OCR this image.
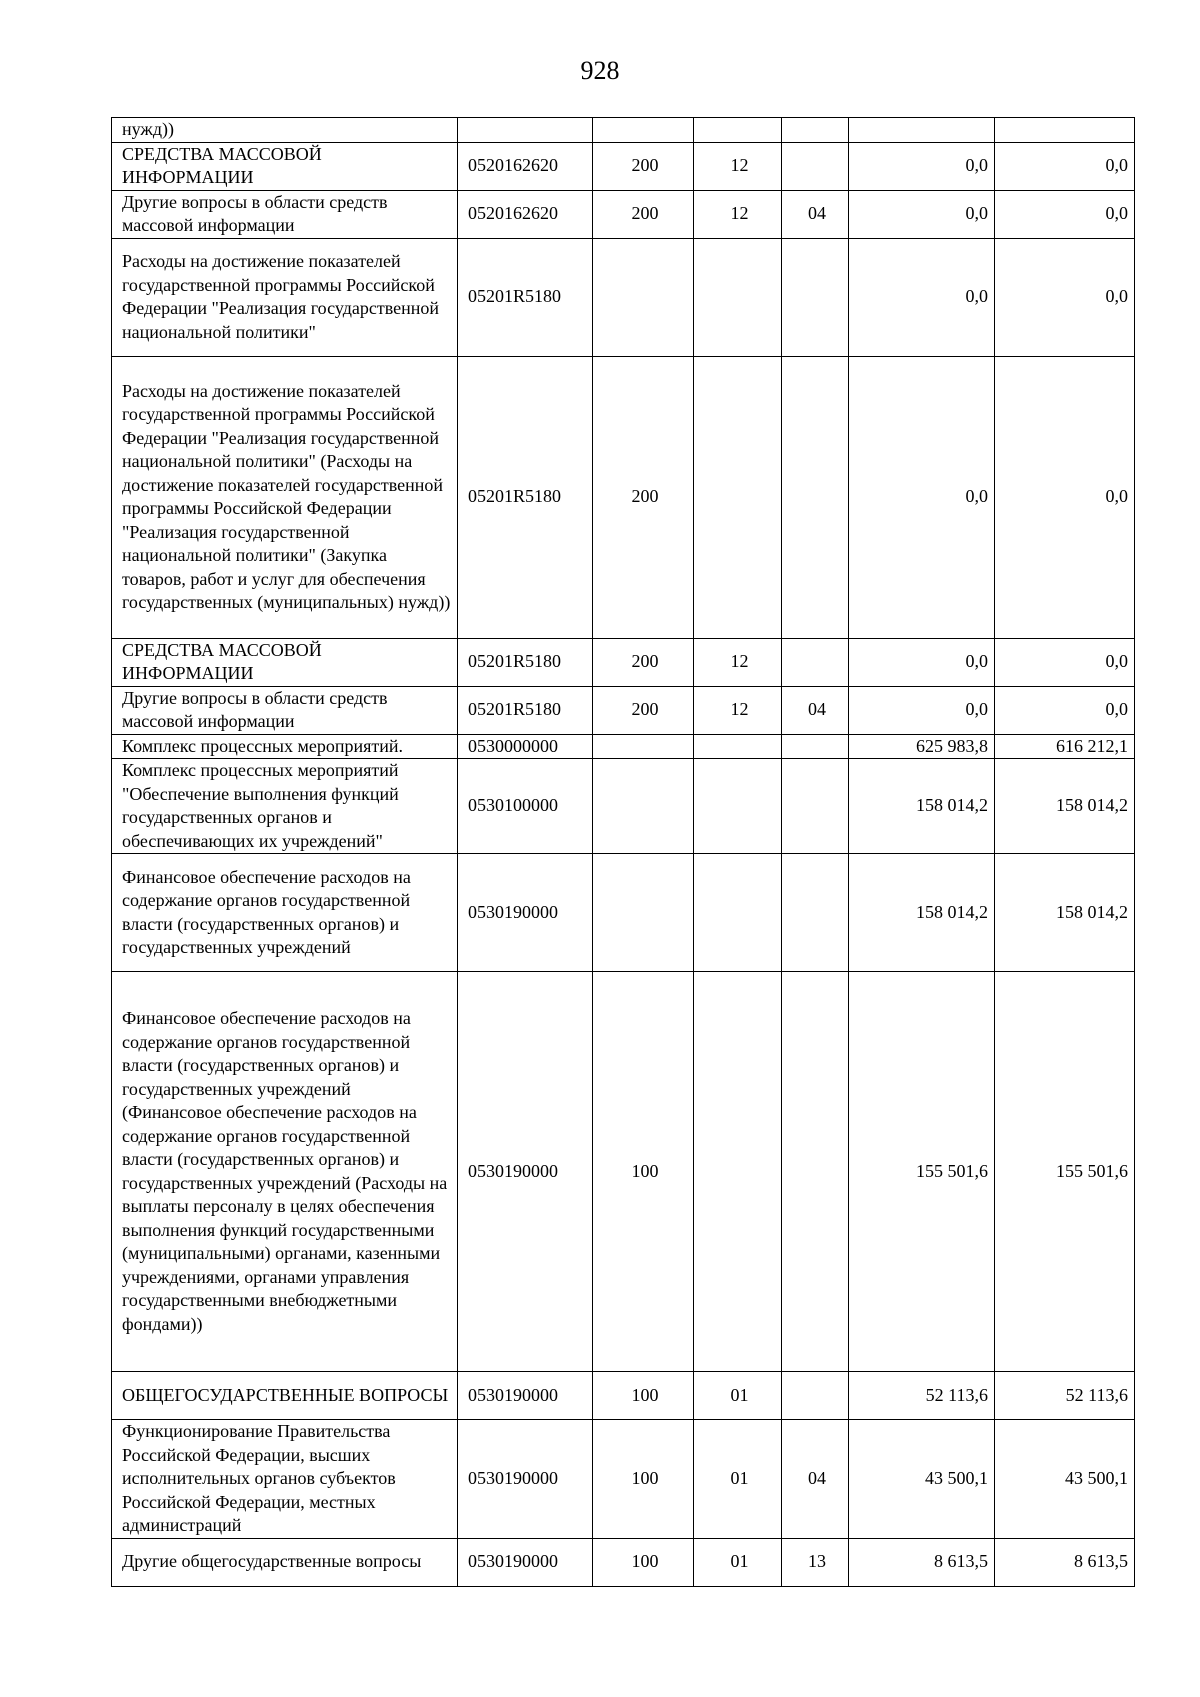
928
нужд))						
СРЕДСТВА МАССОВОЙ ИНФОРМАЦИИ	0520162620	200	12		0,0	0,0
Другие вопросы в области средств массовой информации	0520162620	200	12	04	0,0	0,0
Расходы на достижение показателей государственной программы Российской Федерации "Реализация государственной национальной политики"	05201R5180				0,0	0,0
Расходы на достижение показателей государственной программы Российской Федерации "Реализация государственной национальной политики" (Расходы на достижение показателей государственной программы Российской Федерации "Реализация государственной национальной политики" (Закупка товаров, работ и услуг для обеспечения государственных (муниципальных) нужд))	05201R5180	200			0,0	0,0
СРЕДСТВА МАССОВОЙ ИНФОРМАЦИИ	05201R5180	200	12		0,0	0,0
Другие вопросы в области средств массовой информации	05201R5180	200	12	04	0,0	0,0
Комплекс процессных мероприятий.	0530000000				625 983,8	616 212,1
Комплекс процессных мероприятий "Обеспечение выполнения функций государственных органов и обеспечивающих их учреждений"	0530100000				158 014,2	158 014,2
Финансовое обеспечение расходов на содержание органов государственной власти (государственных органов) и государственных учреждений	0530190000				158 014,2	158 014,2
Финансовое обеспечение расходов на содержание органов государственной власти (государственных органов) и государственных учреждений (Финансовое обеспечение расходов на содержание органов государственной власти (государственных органов) и государственных учреждений (Расходы на выплаты персоналу в целях обеспечения выполнения функций государственными (муниципальными) органами, казенными учреждениями, органами управления государственными внебюджетными фондами))	0530190000	100			155 501,6	155 501,6
ОБЩЕГОСУДАРСТВЕННЫЕ ВОПРОСЫ	0530190000	100	01		52 113,6	52 113,6
Функционирование Правительства Российской Федерации, высших исполнительных органов субъектов Российской Федерации, местных администраций	0530190000	100	01	04	43 500,1	43 500,1
Другие общегосударственные вопросы	0530190000	100	01	13	8 613,5	8 613,5
